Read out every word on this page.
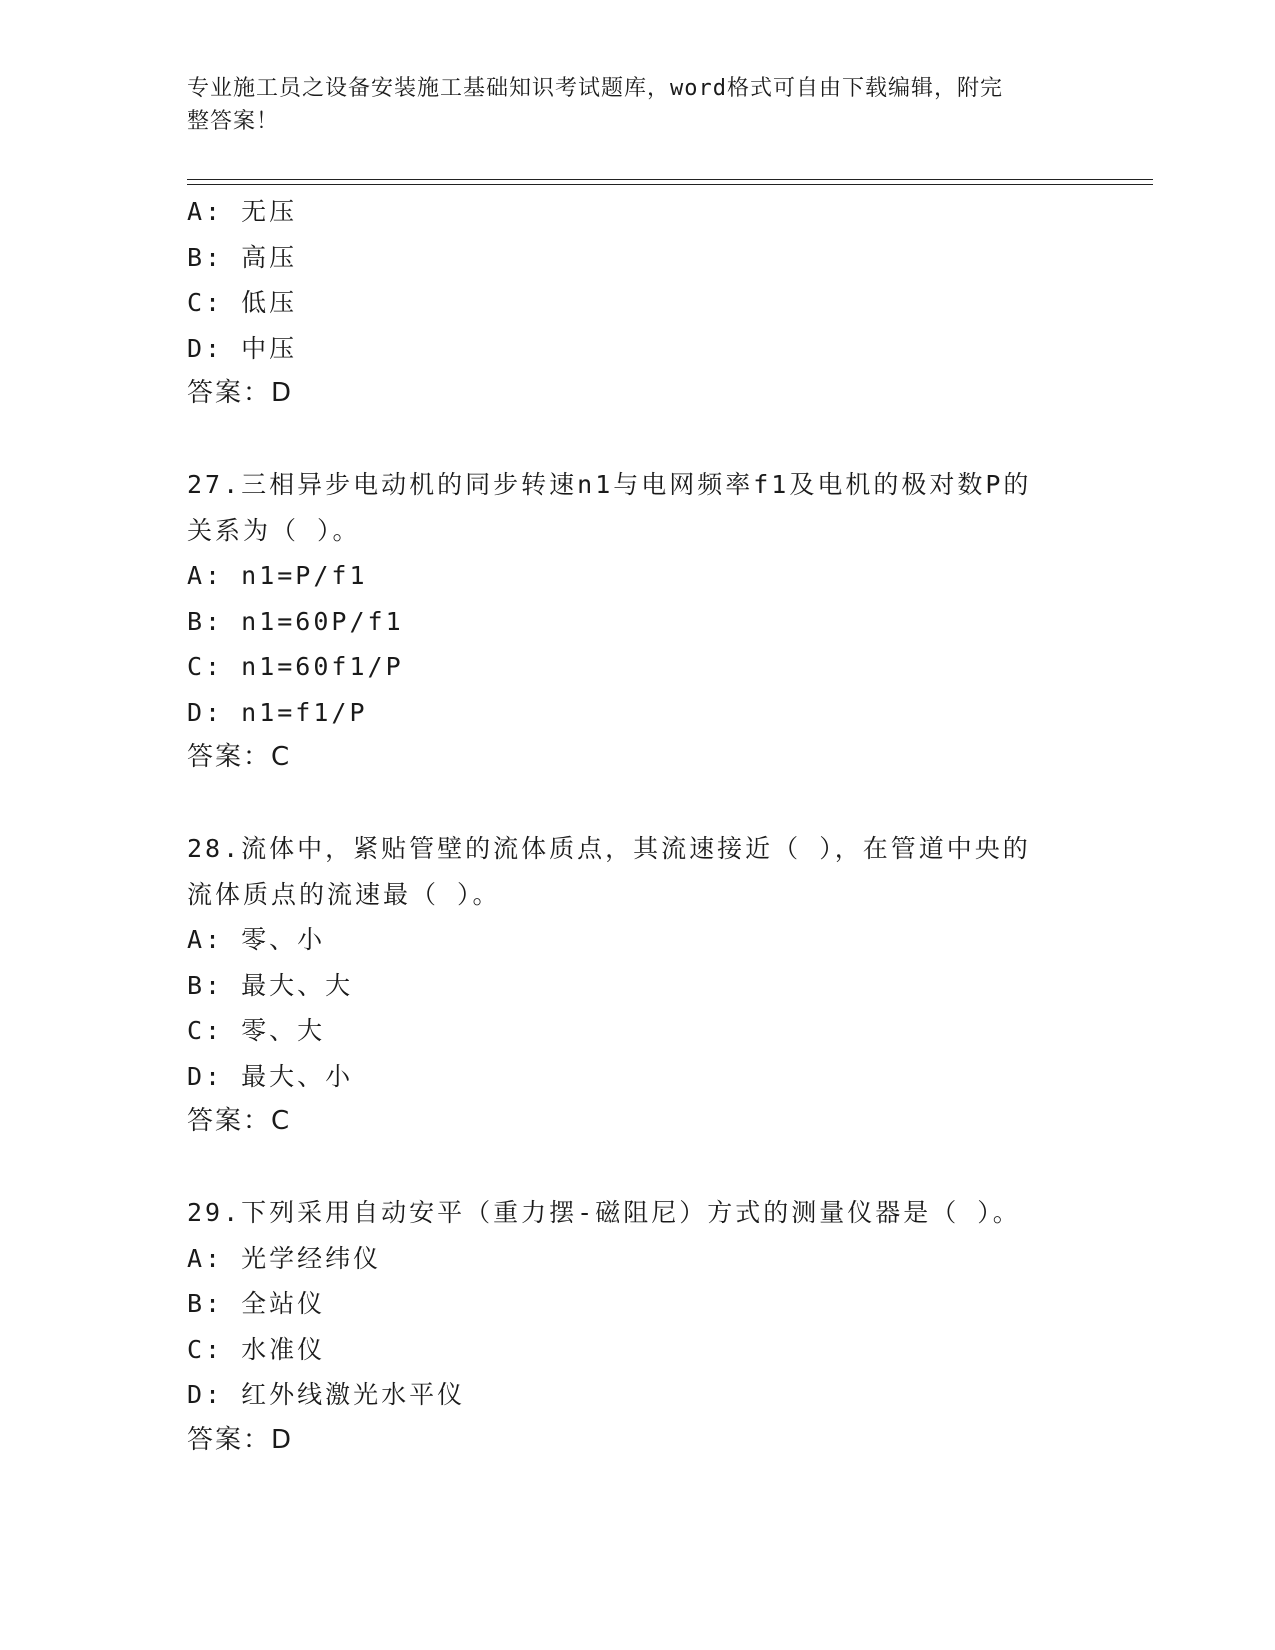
专业施工员之设备安装施工基础知识考试题库，word格式可自由下载编辑，附完
整答案！
A: 无压
B: 高压
C: 低压
D: 中压
答案：D
27.三相异步电动机的同步转速n1与电网频率f1及电机的极对数P的
关系为（ ）。
A: n1=P/f1
B: n1=60P/f1
C: n1=60f1/P
D: n1=f1/P
答案：C
28.流体中，紧贴管壁的流体质点，其流速接近（ ），在管道中央的
流体质点的流速最（ ）。
A: 零、小
B: 最大、大
C: 零、大
D: 最大、小
答案：C
29.下列采用自动安平（重力摆-磁阻尼）方式的测量仪器是（ ）。
A: 光学经纬仪
B: 全站仪
C: 水准仪
D: 红外线激光水平仪
答案：D
